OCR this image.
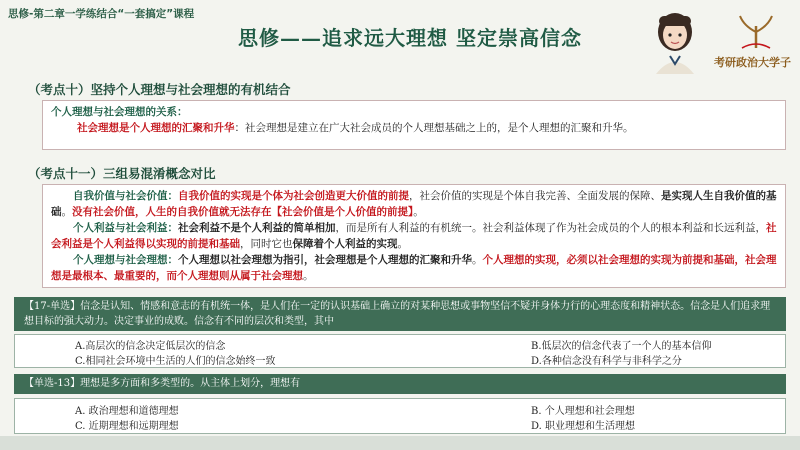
思修-第二章一学练结合“一套搞定”课程
思修——追求远大理想 坚定崇高信念
考研政治大学子
（考点十）坚持个人理想与社会理想的有机结合
个人理想与社会理想的关系：
社会理想是个人理想的汇聚和升华：社会理想是建立在广大社会成员的个人理想基础之上的，是个人理想的汇聚和升华。
（考点十一）三组易混淆概念对比
自我价值与社会价值：自我价值的实现是个体为社会创造更大价值的前提，社会价值的实现是个体自我完善、全面发展的保障、是实现人生自我价值的基础。没有社会价值，人生的自我价值就无法存在【社会价值是个人价值的前提】。
个人利益与社会利益：社会利益不是个人利益的简单相加，而是所有人利益的有机统一。社会利益体现了作为社会成员的个人的根本利益和长远利益，社会利益是个人利益得以实现的前提和基础，同时它也保障着个人利益的实现。
个人理想与社会理想：个人理想以社会理想为指引，社会理想是个人理想的汇聚和升华。个人理想的实现，必须以社会理想的实现为前提和基础，社会理想是最根本、最重要的，而个人理想则从属于社会理想。
【17-单选】信念是认知、情感和意志的有机统一体，是人们在一定的认识基础上确立的对某种思想或事物坚信不疑并身体力行的心理态度和精神状态。信念是人们追求理想目标的强大动力。决定事业的成败。信念有不同的层次和类型，其中
A.高层次的信念决定低层次的信念	B.低层次的信念代表了一个人的基本信仰
C.相同社会环境中生活的人们的信念始终一致	D.各种信念没有科学与非科学之分
【单选-13】理想是多方面和多类型的。从主体上划分，理想有
A. 政治理想和道德理想	B. 个人理想和社会理想
C. 近期理想和远期理想	D. 职业理想和生活理想
